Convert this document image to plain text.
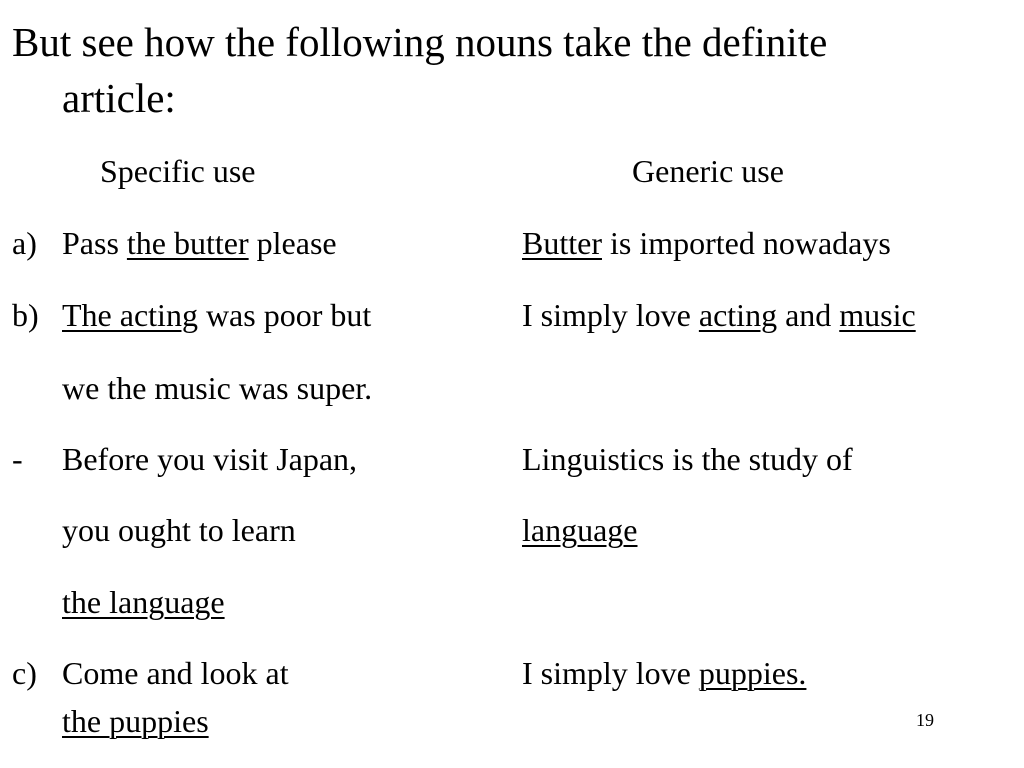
But see how the following nouns take the definite
article:
Specific use	Generic use
a) Pass the butter please	Butter is imported nowadays
b) The acting was poor but
we the music was super.
I simply love acting and music
- Before you visit Japan,
you ought to learn
the language
Linguistics is the study of
language
c) Come and look at
the puppies
I simply love puppies.
19
